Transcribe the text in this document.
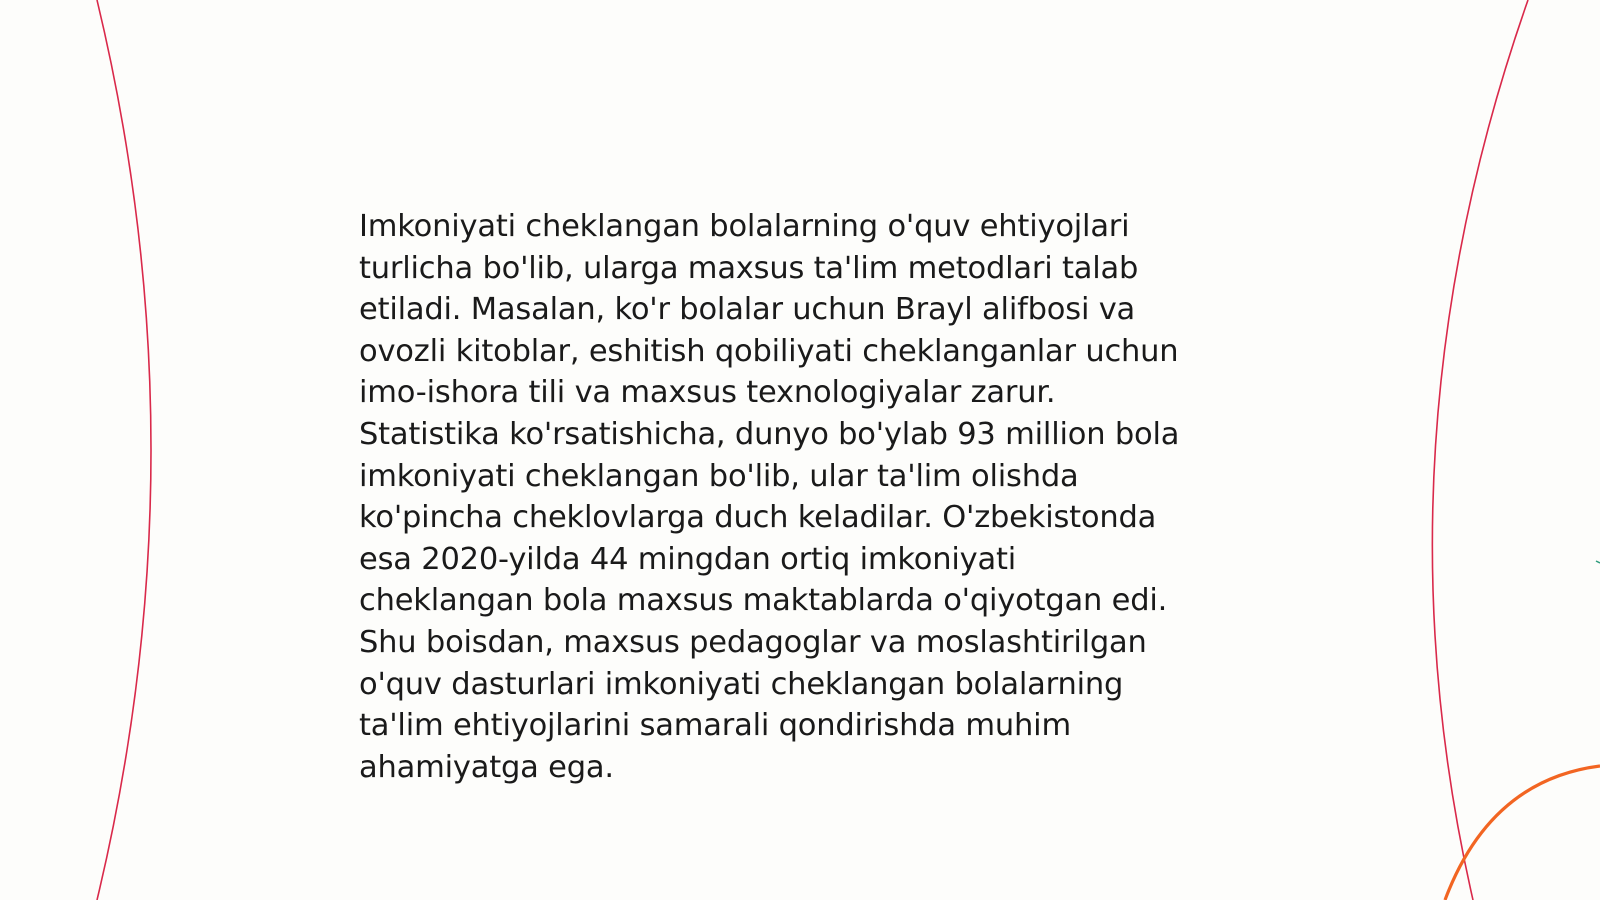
Imkoniyati cheklangan bolalarning o'quv ehtiyojlari
turlicha bo'lib, ularga maxsus ta'lim metodlari talab
etiladi. Masalan, ko'r bolalar uchun Brayl alifbosi va
ovozli kitoblar, eshitish qobiliyati cheklanganlar uchun
imo-ishora tili va maxsus texnologiyalar zarur.
Statistika ko'rsatishicha, dunyo bo'ylab 93 million bola
imkoniyati cheklangan bo'lib, ular ta'lim olishda
ko'pincha cheklovlarga duch keladilar. O'zbekistonda
esa 2020-yilda 44 mingdan ortiq imkoniyati
cheklangan bola maxsus maktablarda o'qiyotgan edi.
Shu boisdan, maxsus pedagoglar va moslashtirilgan
o'quv dasturlari imkoniyati cheklangan bolalarning
ta'lim ehtiyojlarini samarali qondirishda muhim
ahamiyatga ega.
